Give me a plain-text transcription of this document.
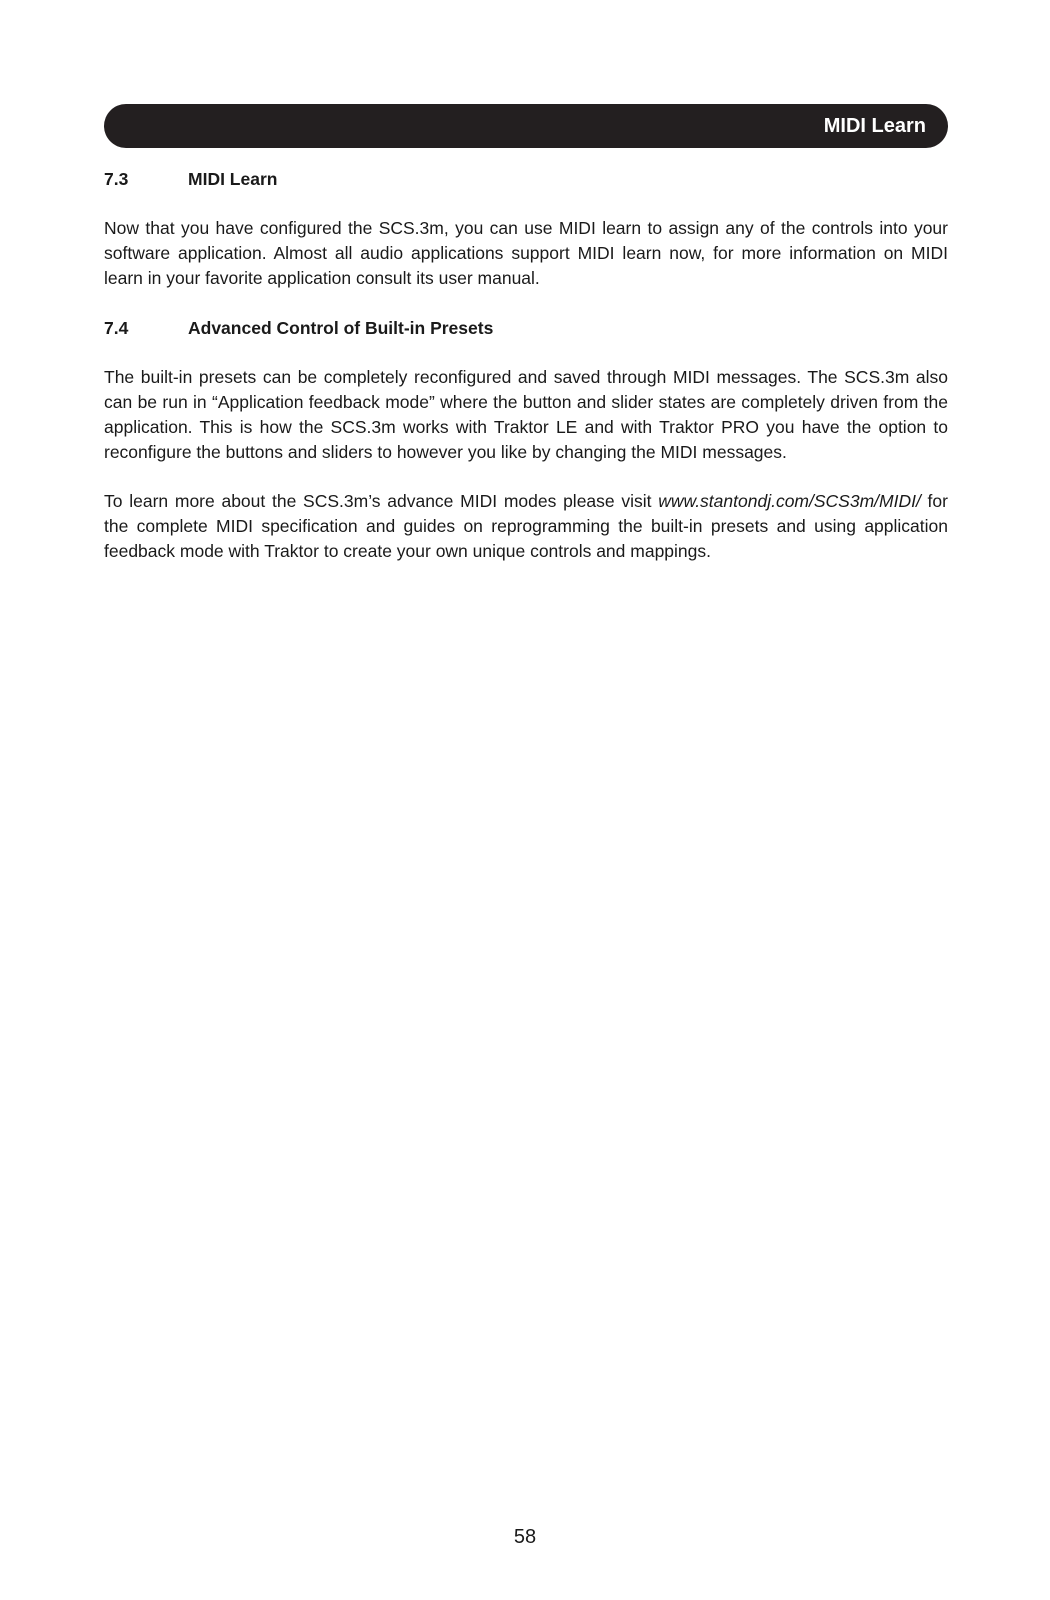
MIDI Learn
7.3	MIDI Learn

Now that you have configured the SCS.3m, you can use MIDI learn to assign any of the controls into your software application. Almost all audio applications support MIDI learn now, for more information on MIDI learn in your favorite application consult its user manual.

7.4	Advanced Control of Built-in Presets

The built-in presets can be completely reconfigured and saved through MIDI messages. The SCS.3m also can be run in “Application feedback mode” where the button and slider states are completely driven from the application. This is how the SCS.3m works with Traktor LE and with Traktor PRO you have the option to reconfigure the buttons and sliders to however you like by changing the MIDI messages.

To learn more about the SCS.3m’s advance MIDI modes please visit www.stantondj.com/SCS3m/MIDI/ for the complete MIDI specification and guides on reprogramming the built-in presets and using application feedback mode with Traktor to create your own unique controls and mappings.

58
